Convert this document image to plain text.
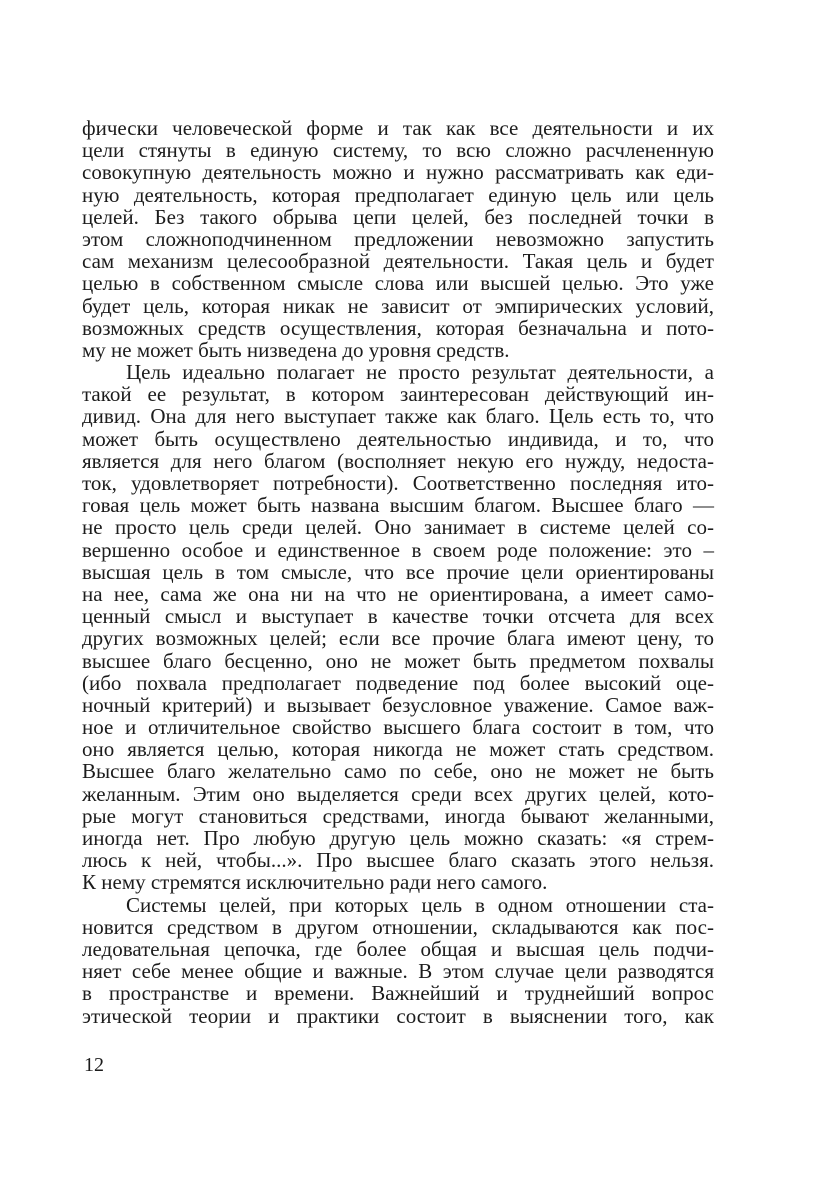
фически человеческой форме и так как все деятельности и их
цели стянуты в единую систему, то всю сложно расчлененную
совокупную деятельность можно и нужно рассматривать как еди-
ную деятельность, которая предполагает единую цель или цель
целей. Без такого обрыва цепи целей, без последней точки в
этом сложноподчиненном предложении невозможно запустить
сам механизм целесообразной деятельности. Такая цель и будет
целью в собственном смысле слова или высшей целью. Это уже
будет цель, которая никак не зависит от эмпирических условий,
возможных средств осуществления, которая безначальна и пото-
му не может быть низведена до уровня средств.
Цель идеально полагает не просто результат деятельности, а
такой ее результат, в котором заинтересован действующий ин-
дивид. Она для него выступает также как благо. Цель есть то, что
может быть осуществлено деятельностью индивида, и то, что
является для него благом (восполняет некую его нужду, недоста-
ток, удовлетворяет потребности). Соответственно последняя ито-
говая цель может быть названа высшим благом. Высшее благо —
не просто цель среди целей. Оно занимает в системе целей со-
вершенно особое и единственное в своем роде положение: это –
высшая цель в том смысле, что все прочие цели ориентированы
на нее, сама же она ни на что не ориентирована, а имеет само-
ценный смысл и выступает в качестве точки отсчета для всех
других возможных целей; если все прочие блага имеют цену, то
высшее благо бесценно, оно не может быть предметом похвалы
(ибо похвала предполагает подведение под более высокий оце-
ночный критерий) и вызывает безусловное уважение. Самое важ-
ное и отличительное свойство высшего блага состоит в том, что
оно является целью, которая никогда не может стать средством.
Высшее благо желательно само по себе, оно не может не быть
желанным. Этим оно выделяется среди всех других целей, кото-
рые могут становиться средствами, иногда бывают желанными,
иногда нет. Про любую другую цель можно сказать: «я стрем-
люсь к ней, чтобы...». Про высшее благо сказать этого нельзя.
К нему стремятся исключительно ради него самого.
Системы целей, при которых цель в одном отношении ста-
новится средством в другом отношении, складываются как пос-
ледовательная цепочка, где более общая и высшая цель подчи-
няет себе менее общие и важные. В этом случае цели разводятся
в пространстве и времени. Важнейший и труднейший вопрос
этической теории и практики состоит в выяснении того, как
12
